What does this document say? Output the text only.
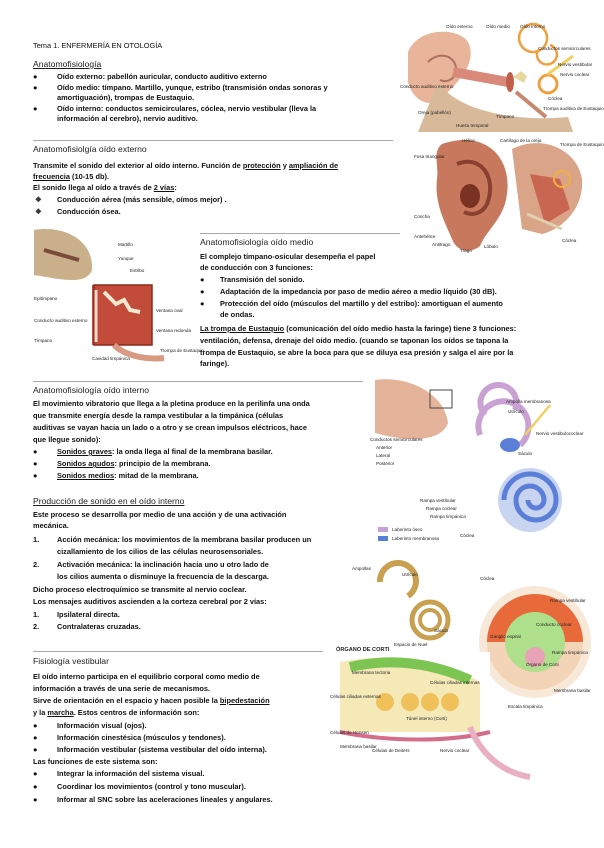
Tema 1. ENFERMERÍA EN OTOLOGÍA
Anatomofisiología
●	Oído externo: pabellón auricular, conducto auditivo externo
●	Oído medio: tímpano. Martillo, yunque, estribo (transmisión ondas sonoras y
amortiguación), trompas de Eustaquio.
●	Oído interno: conductos semicirculares, cóclea, nervio vestibular (lleva la
información al cerebro), nervio auditivo.
Anatomofisiolgía oído externo
Transmite el sonido del exterior al oído interno. Función de protección y ampliación de
frecuencia (10-15 db).
El sonido llega al oído a través de 2 vías:
❖ Conducción aérea (más sensible, oímos mejor) .
❖ Conducción ósea.
Anatomofisiología oído medio
El complejo tímpano-osicular desempeña el papel
de conducción con 3 funciones:
● Transmisión del sonido.
● Adaptación de la impedancia por paso de medio aéreo a medio líquido (30 dB).
● Protección del oído (músculos del martillo y del estribo): amortiguan el aumento
de ondas.
La trompa de Eustaquio (comunicación del oído medio hasta la faringe) tiene 3 funciones:
ventilación, defensa, drenaje del oído medio. (cuando se taponan los oídos se tapona la
trompa de Eustaquio, se abre la boca para que se diluya esa presión y salga el aire por la
faringe).
Anatomofisiología oído interno
El movimiento vibratorio que llega a la pletina produce en la perilinfa una onda
que transmite energía desde la rampa vestibular a la timpánica (células
auditivas se vayan hacia un lado o a otro y se crean impulsos eléctricos, hace
que llegue sonido):
●	Sonidos graves: la onda llega al final de la membrana basilar.
●	Sonidos agudos: principio de la membrana.
●	Sonidos medios: mitad de la membrana.
Producción de sonido en el oído interno
Este proceso se desarrolla por medio de una acción y de una activación
mecánica.
1. Acción mecánica: los movimientos de la membrana basilar producen un
cizallamiento de los cilios de las células neurosensoriales.
2. Activación mecánica: la inclinación hacia uno u otro lado de
los cilios aumenta o disminuye la frecuencia de la descarga.
Dicho proceso electroquímico se transmite al nervio coclear.
Los mensajes auditivos ascienden a la corteza cerebral por 2 vías:
1. Ipsilateral directa.
2. Contralateras cruzadas.
Fisiología vestibular
El oído interno participa en el equilibrio corporal como medio de
información a través de una serie de mecanismos.
Sirve de orientación en el espacio y hacen posible la bipedestación
y la marcha. Estos centros de información son:
●	Información visual (ojos).
●	Información cinestésica (músculos y tendones).
●	Información vestibular (sistema vestibular del oído interna).
Las funciones de este sistema son:
●	Integrar la información del sistema visual.
●	Coordinar los movimientos (control y tono muscular).
●	Informar al SNC sobre las aceleraciones lineales y angulares.
Oído externo	Oído medio Oído interno
Conductos semicirculares
Nervio vestibular
Nervio coclear
Cóclea
Trompa auditiva de Eustaquio
Tímpano
Hueso temporal
Conducto auditivo externo
Oreja (pabellón)
Hélice
Fosa triangular
Concha
Antehélice
Antitrago
Trago
Lóbulo
Cartílago de la oreja
Trompa de Eustaquio
Cóclea
Martillo
Yunque
Estribo
Ventana oval
Ventana redonda
Trompa de Eustaquio
Conducto auditivo externo
Tímpano
Cavidad timpánica
Epitímpano
Ampolla membranosa
Utrículo
Nervio vestibulococlear
Sáculo
Conductos semicirculares
Anterior
Lateral
Posterior
Rampa vestibular
Rampa coclear
Rampa timpánica
Cóclea
Laberinto óseo
Laberinto membranoso
ÓRGANO DE CORTI
Ampollas
Utrículo
Cóclea
Sáculo
Membrana tectoria
Espacio de Nuel
Túnel interno (Corti)
Membrana basilar
Células de Deiters
Células de Hensen
Células ciliadas internas
Células ciliadas externas
Nervio coclear
Rampa vestibular
Conducto coclear
Rampa timpánica
Ganglio espiral
Órgano de Corti
Membrana basilar
Escala timpánica
